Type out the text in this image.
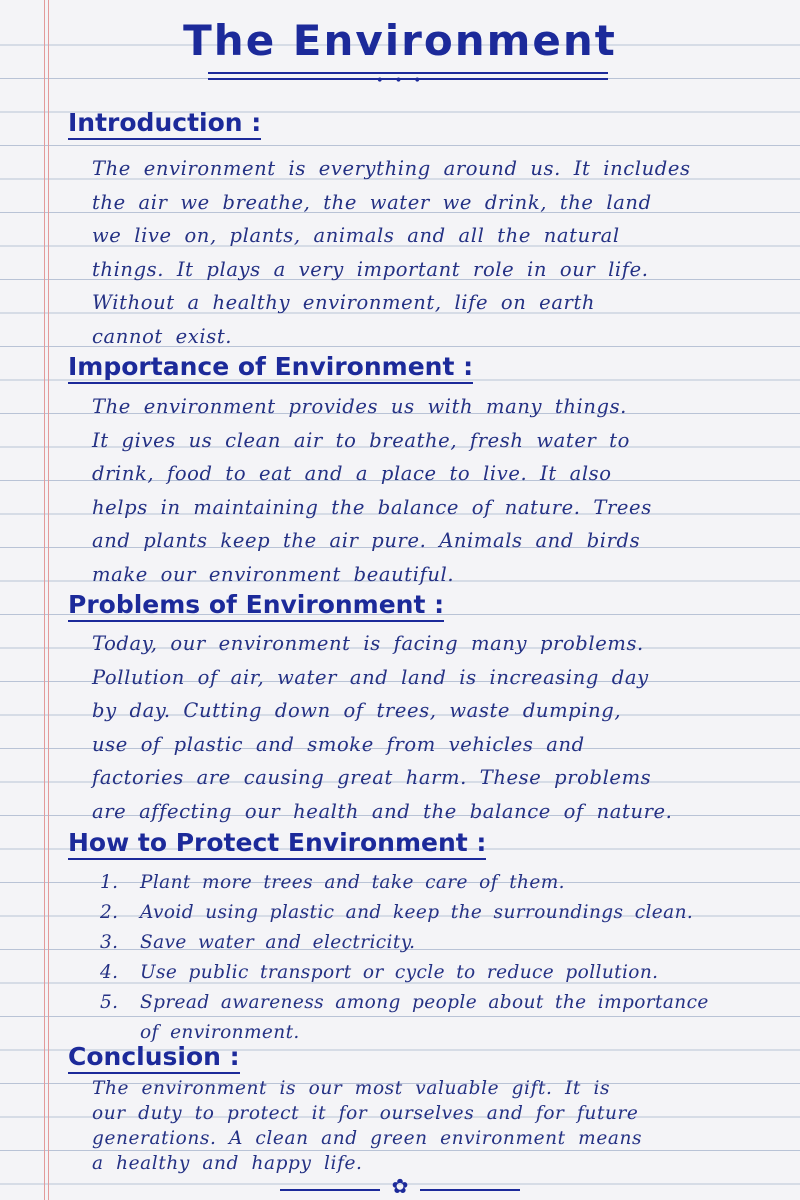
The Environment
• • •
Introduction :
The environment is everything around us. It includes
the air we breathe, the water we drink, the land
we live on, plants, animals and all the natural
things. It plays a very important role in our life.
Without a healthy environment, life on earth
cannot exist.
Importance of Environment :
The environment provides us with many things.
It gives us clean air to breathe, fresh water to
drink, food to eat and a place to live. It also
helps in maintaining the balance of nature. Trees
and plants keep the air pure. Animals and birds
make our environment beautiful.
Problems of Environment :
Today, our environment is facing many problems.
Pollution of air, water and land is increasing day
by day. Cutting down of trees, waste dumping,
use of plastic and smoke from vehicles and
factories are causing great harm. These problems
are affecting our health and the balance of nature.
How to Protect Environment :
1. Plant more trees and take care of them.
2. Avoid using plastic and keep the surroundings clean.
3. Save water and electricity.
4. Use public transport or cycle to reduce pollution.
5. Spread awareness among people about the importance
of environment.
Conclusion :
The environment is our most valuable gift. It is
our duty to protect it for ourselves and for future
generations. A clean and green environment means
a healthy and happy life.
✿
